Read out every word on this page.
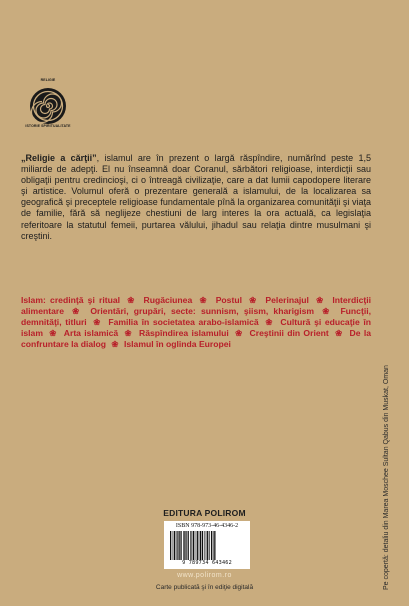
RELIGIE
ISTORIE SPIRITUALITATE
„Religie a cărţii”, islamul are în prezent o largă răspîndire, numărînd peste 1,5 miliarde de adepţi. El nu înseamnă doar Coranul, sărbători religioase, interdicţii sau obligaţii pentru credincioşi, ci o întreagă civilizaţie, care a dat lumii capodopere literare şi artistice. Volumul oferă o prezentare generală a islamului, de la localizarea sa geografică şi preceptele religioase fundamentale pînă la organizarea comunităţii şi viaţa de familie, fără să neglijeze chestiuni de larg interes la ora actuală, ca legislaţia referitoare la statutul femeii, purtarea vălului, jihadul sau relaţia dintre musulmani şi creştini.
Islam: credinţă şi ritual ❀ Rugăciunea ❀ Postul ❀ Pelerinajul ❀ Interdicţii alimentare ❀ Orientări, grupări, secte: sunnism, şiism, kharigism ❀ Funcţii, demnităţi, titluri ❀ Familia în societatea arabo-islamică ❀ Cultură şi educaţie în islam ❀ Arta islamică ❀ Răspîndirea islamului ❀ Creştinii din Orient ❀ De la confruntare la dialog ❀ Islamul în oglinda Europei
Pe copertă: detaliu din Marea Moschee Sultan Qabus din Muskat, Oman
EDITURA POLIROM
ISBN 978-973-46-4346-2
9 789734 643462
www.polirom.ro
Carte publicată şi în ediţie digitală
